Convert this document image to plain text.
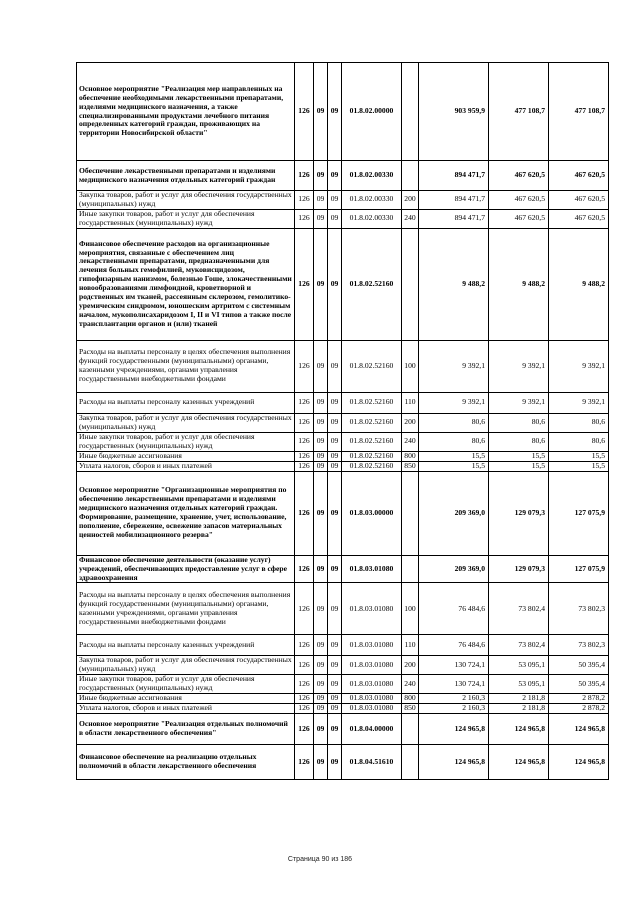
Основное мероприятие "Реализация мер направленных на обеспечение необходимыми лекарственными препаратами, изделиями медицинского назначения, а также специализированными продуктами лечебного питания определенных категорий граждан, проживающих на территории Новосибирской области"	126	09	09	01.8.02.00000		903 959,9	477 108,7	477 108,7
Обеспечение лекарственными препаратами и изделиями медицинского назначения отдельных категорий граждан	126	09	09	01.8.02.00330		894 471,7	467 620,5	467 620,5
Закупка товаров, работ и услуг для обеспечения государственных (муниципальных) нужд	126	09	09	01.8.02.00330	200	894 471,7	467 620,5	467 620,5
Иные закупки товаров, работ и услуг для обеспечения государственных (муниципальных) нужд	126	09	09	01.8.02.00330	240	894 471,7	467 620,5	467 620,5
Финансовое обеспечение расходов на организационные мероприятия, связанные с обеспечением лиц лекарственными препаратами, предназначенными для лечения больных гемофилией, муковисцидозом, гипофизарным нанизмом, болезнью Гоше, злокачественными новообразованиями лимфоидной, кроветворной и родственных им тканей, рассеянным склерозом, гемолитико-уремическим синдромом, юношеским артритом с системным началом, мукополисахаридозом I, II и VI типов а также после трансплантации органов и (или) тканей	126	09	09	01.8.02.52160		9 488,2	9 488,2	9 488,2
Расходы на выплаты персоналу в целях обеспечения выполнения функций государственными (муниципальными) органами, казенными учреждениями, органами управления государственными внебюджетными фондами	126	09	09	01.8.02.52160	100	9 392,1	9 392,1	9 392,1
Расходы на выплаты персоналу казенных учреждений	126	09	09	01.8.02.52160	110	9 392,1	9 392,1	9 392,1
Закупка товаров, работ и услуг для обеспечения государственных (муниципальных) нужд	126	09	09	01.8.02.52160	200	80,6	80,6	80,6
Иные закупки товаров, работ и услуг для обеспечения государственных (муниципальных) нужд	126	09	09	01.8.02.52160	240	80,6	80,6	80,6
Иные бюджетные ассигнования	126	09	09	01.8.02.52160	800	15,5	15,5	15,5
Уплата налогов, сборов и иных платежей	126	09	09	01.8.02.52160	850	15,5	15,5	15,5
Основное мероприятие "Организационные мероприятия по обеспечению лекарственными препаратами и изделиями медицинского назначения отдельных категорий граждан. Формирование, размещение, хранение, учет, использование, пополнение, сбережение, освежение запасов материальных ценностей мобилизационного резерва"	126	09	09	01.8.03.00000		209 369,0	129 079,3	127 075,9
Финансовое обеспечение деятельности (оказание услуг) учреждений, обеспечивающих предоставление услуг в сфере здравоохранения	126	09	09	01.8.03.01080		209 369,0	129 079,3	127 075,9
Расходы на выплаты персоналу в целях обеспечения выполнения функций государственными (муниципальными) органами, казенными учреждениями, органами управления государственными внебюджетными фондами	126	09	09	01.8.03.01080	100	76 484,6	73 802,4	73 802,3
Расходы на выплаты персоналу казенных учреждений	126	09	09	01.8.03.01080	110	76 484,6	73 802,4	73 802,3
Закупка товаров, работ и услуг для обеспечения государственных (муниципальных) нужд	126	09	09	01.8.03.01080	200	130 724,1	53 095,1	50 395,4
Иные закупки товаров, работ и услуг для обеспечения государственных (муниципальных) нужд	126	09	09	01.8.03.01080	240	130 724,1	53 095,1	50 395,4
Иные бюджетные ассигнования	126	09	09	01.8.03.01080	800	2 160,3	2 181,8	2 878,2
Уплата налогов, сборов и иных платежей	126	09	09	01.8.03.01080	850	2 160,3	2 181,8	2 878,2
Основное мероприятие "Реализация отдельных полномочий в области лекарственного обеспечения"	126	09	09	01.8.04.00000		124 965,8	124 965,8	124 965,8
Финансовое обеспечение на реализацию отдельных полномочий в области лекарственного обеспечения	126	09	09	01.8.04.51610		124 965,8	124 965,8	124 965,8
Страница 90 из 186
